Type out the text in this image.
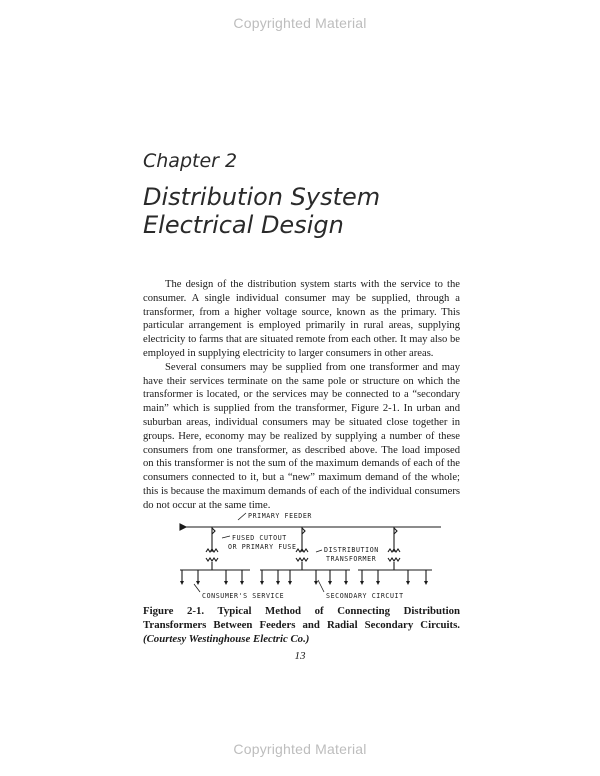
Copyrighted Material
Chapter 2
Distribution System
Electrical Design

The design of the distribution system starts with the service to the consumer. A single individual consumer may be supplied, through a transformer, from a higher voltage source, known as the primary. This particular arrangement is employed primarily in rural areas, supplying electricity to farms that are situated remote from each other. It may also be employed in supplying electricity to larger consumers in other areas.

Several consumers may be supplied from one transformer and may have their services terminate on the same pole or structure on which the transformer is located, or the services may be connected to a “secondary main” which is supplied from the transformer, Figure 2-1. In urban and suburban areas, individual consumers may be situated close together in groups. Here, economy may be realized by supplying a number of these consumers from one transformer, as described above. The load imposed on this transformer is not the sum of the maximum demands of each of the consumers connected to it, but a “new” maximum demand of the whole; this is because the maximum demands of each of the individual consumers do not occur at the same time.

PRIMARY FEEDER
FUSED CUTOUT
OR PRIMARY FUSE	DISTRIBUTION
TRANSFORMER
CONSUMER'S SERVICE	SECONDARY CIRCUIT
Figure 2-1. Typical Method of Connecting Distribution Transformers Between Feeders and Radial Secondary Circuits. (Courtesy Westinghouse Electric Co.)
13
Copyrighted Material
